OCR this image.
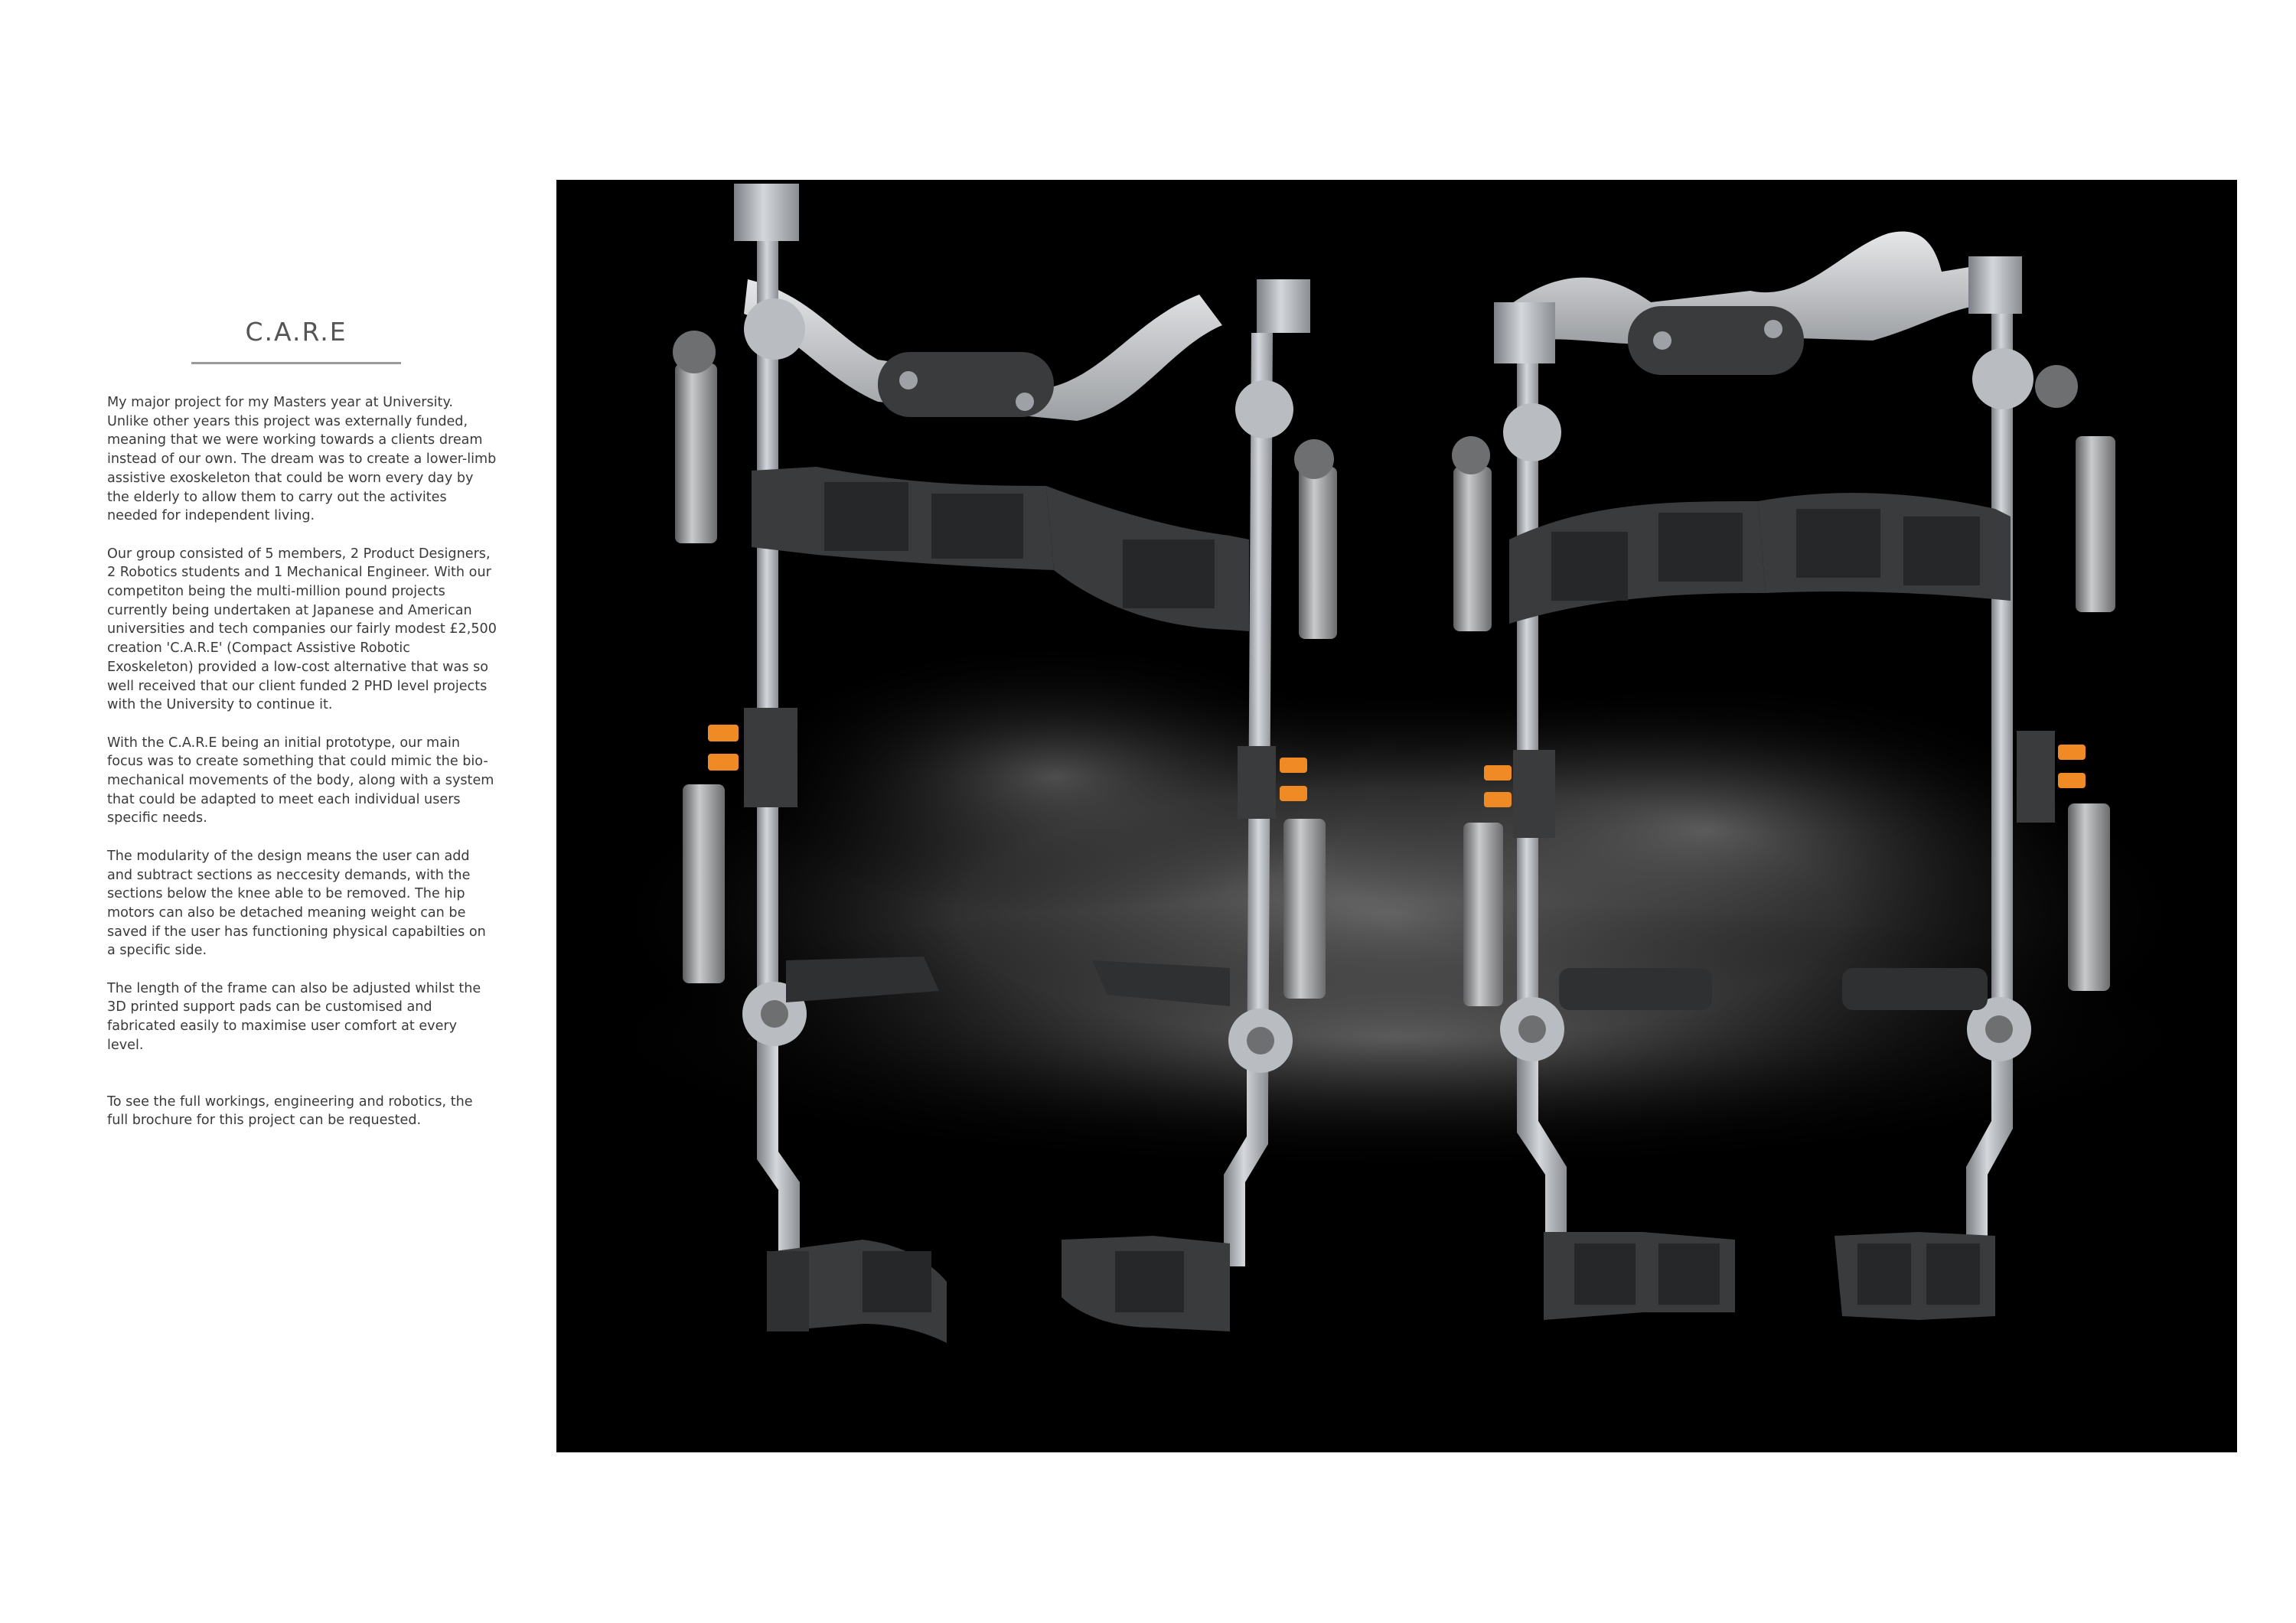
C.A.R.E

My major project for my Masters year at University. Unlike other years this project was externally funded, meaning that we were working towards a clients dream instead of our own. The dream was to create a lower-limb assistive exoskeleton that could be worn every day by the elderly to allow them to carry out the activites needed for independent living.

Our group consisted of 5 members, 2 Product Designers, 2 Robotics students and 1 Mechanical Engineer. With our competiton being the multi-million pound projects currently being undertaken at Japanese and American universities and tech companies our fairly modest £2,500 creation 'C.A.R.E' (Compact Assistive Robotic Exoskeleton) provided a low-cost alternative that was so well received that our client funded 2 PHD level projects with the University to continue it.

With the C.A.R.E being an initial prototype, our main focus was to create something that could mimic the bio-mechanical movements of the body, along with a system that could be adapted to meet each individual users specific needs.

The modularity of the design means the user can add and subtract sections as neccesity demands, with the sections below the knee able to be removed. The hip motors can also be detached meaning weight can be saved if the user has functioning physical capabilties on a specific side.

The length of the frame can also be adjusted whilst the 3D printed support pads can be customised and fabricated easily to maximise user comfort at every level.

To see the full workings, engineering and robotics, the full brochure for this project can be requested.
